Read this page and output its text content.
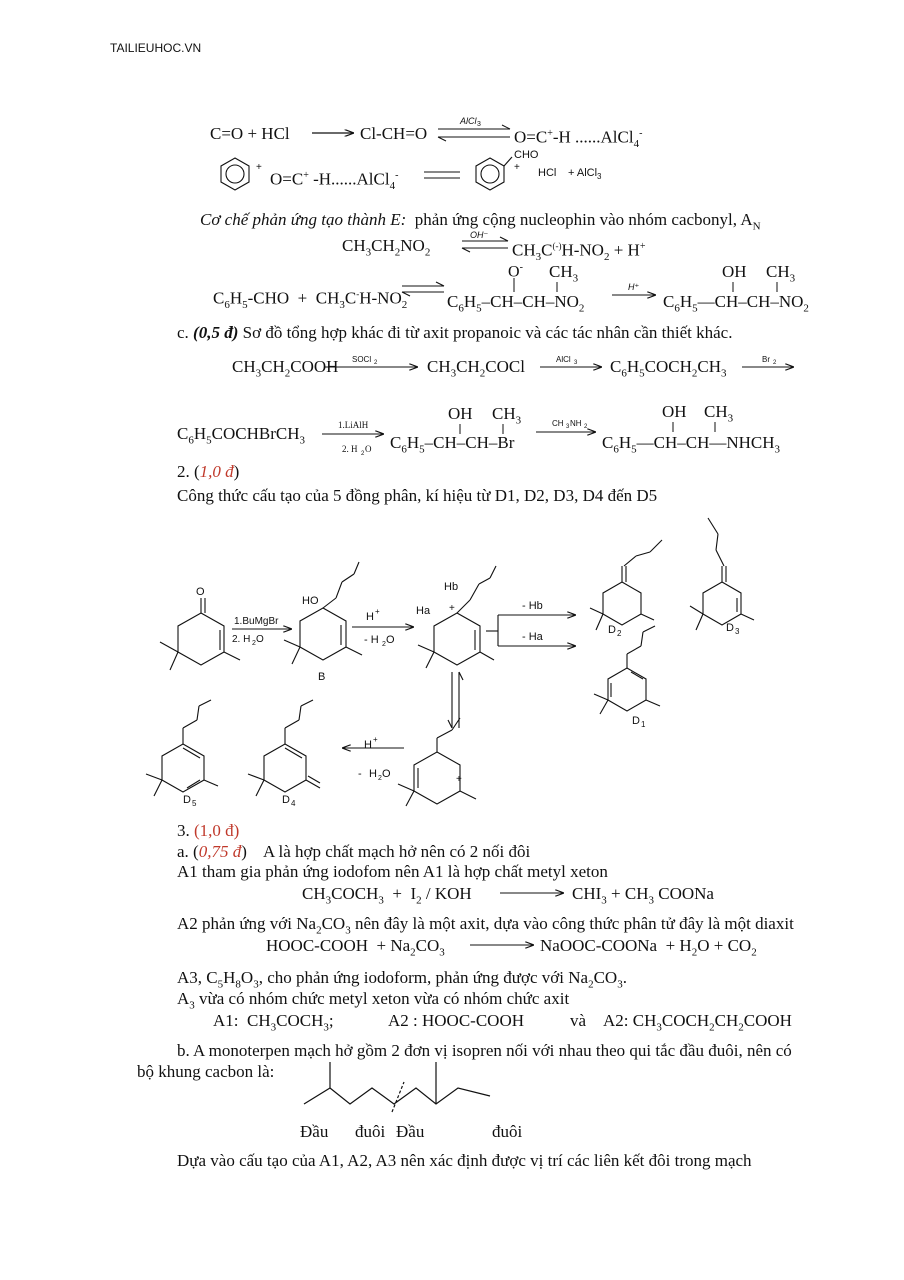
TAILIEUHOC.VN
C=O + HCl	Cl-CH=O	O=C+-H ......AlCl$_4$-
O=C+ -H......AlCl$_4$-
CHO
HCl + AlCl$_3$
Cơ chế phản ứng tạo thành E:  phản ứng cộng nucleophin vào nhóm cacbonyl, $A_N$
$CH_3CH_2NO_2$	$CH_3C^{(-)}H-NO_2 + H^+$
$C_6H_5$-CHO  +  $CH_3C^-H-NO_2$ $C_6H_5-CH-CH-NO_2$	$C_6H_5—CH-CH-NO_2$
O- $CH_3$	OH $CH_3$
c. (0,5 đ) Sơ đồ tổng hợp khác đi từ axit propanoic và các tác nhân cần thiết khác.
$CH_3CH_2COOH$	$CH_3CH_2COCl$	$C_6H_5COCH_2CH_3$
$C_6H_5COCHBrCH_3$	$C_6H_5-CH-CH-Br$	$C_6H_5—CH-CH—NHCH_3$
OH $CH_3$	OH $CH_3$
2. (1,0 đ)
Công thức cấu tạo của 5 đồng phân, kí hiệu từ D1, D2, D3, D4 đến D5
3. (1,0 đ)
a. (0,75 đ)    A là hợp chất mạch hở nên có 2 nối đôi
A1 tham gia phản ứng iodofom nên A1 là hợp chất metyl xeton
$CH_3COCH_3 + I_2$ / KOH	$CHI_3 + CH_3$ COONa
A2 phản ứng với $Na_2CO_3$ nên đây là một axit, dựa vào công thức phân tử đây là một diaxit
HOOC-COOH  + $Na_2CO_3$	NaOOC-COONa  + $H_2O + CO_2$
A3, $C_5H_8O_3$, cho phản ứng iodoform, phản ứng được với $Na_2CO_3$.
$A_3$ vừa có nhóm chức metyl xeton vừa có nhóm chức axit
A1:  $CH_3COCH_3$;	A2 : HOOC-COOH	và A2: $CH_3COCH_2CH_2COOH$
b. A monoterpen mạch hở gồm 2 đơn vị isopren nối với nhau theo qui tắc đầu đuôi, nên có
bộ khung cacbon là:
Đầu đuôi Đầu	đuôi
Dựa vào cấu tạo của A1, A2, A3 nên xác định được vị trí các liên kết đôi trong mạch
AlCl 3
+	+
OH⁻
H⁺
SOCl 2	AlCl 3	Br 2
1.LiAlH
2. H 2 O
CH 3 NH 2
O
1.BuMgBr
2. H 2 O
HO
B
H +
- H 2 O
Hb
Ha +	- Hb
- Ha
D 2	D 3
D 1
+
H +
- H 2 O
D 5	D 4
